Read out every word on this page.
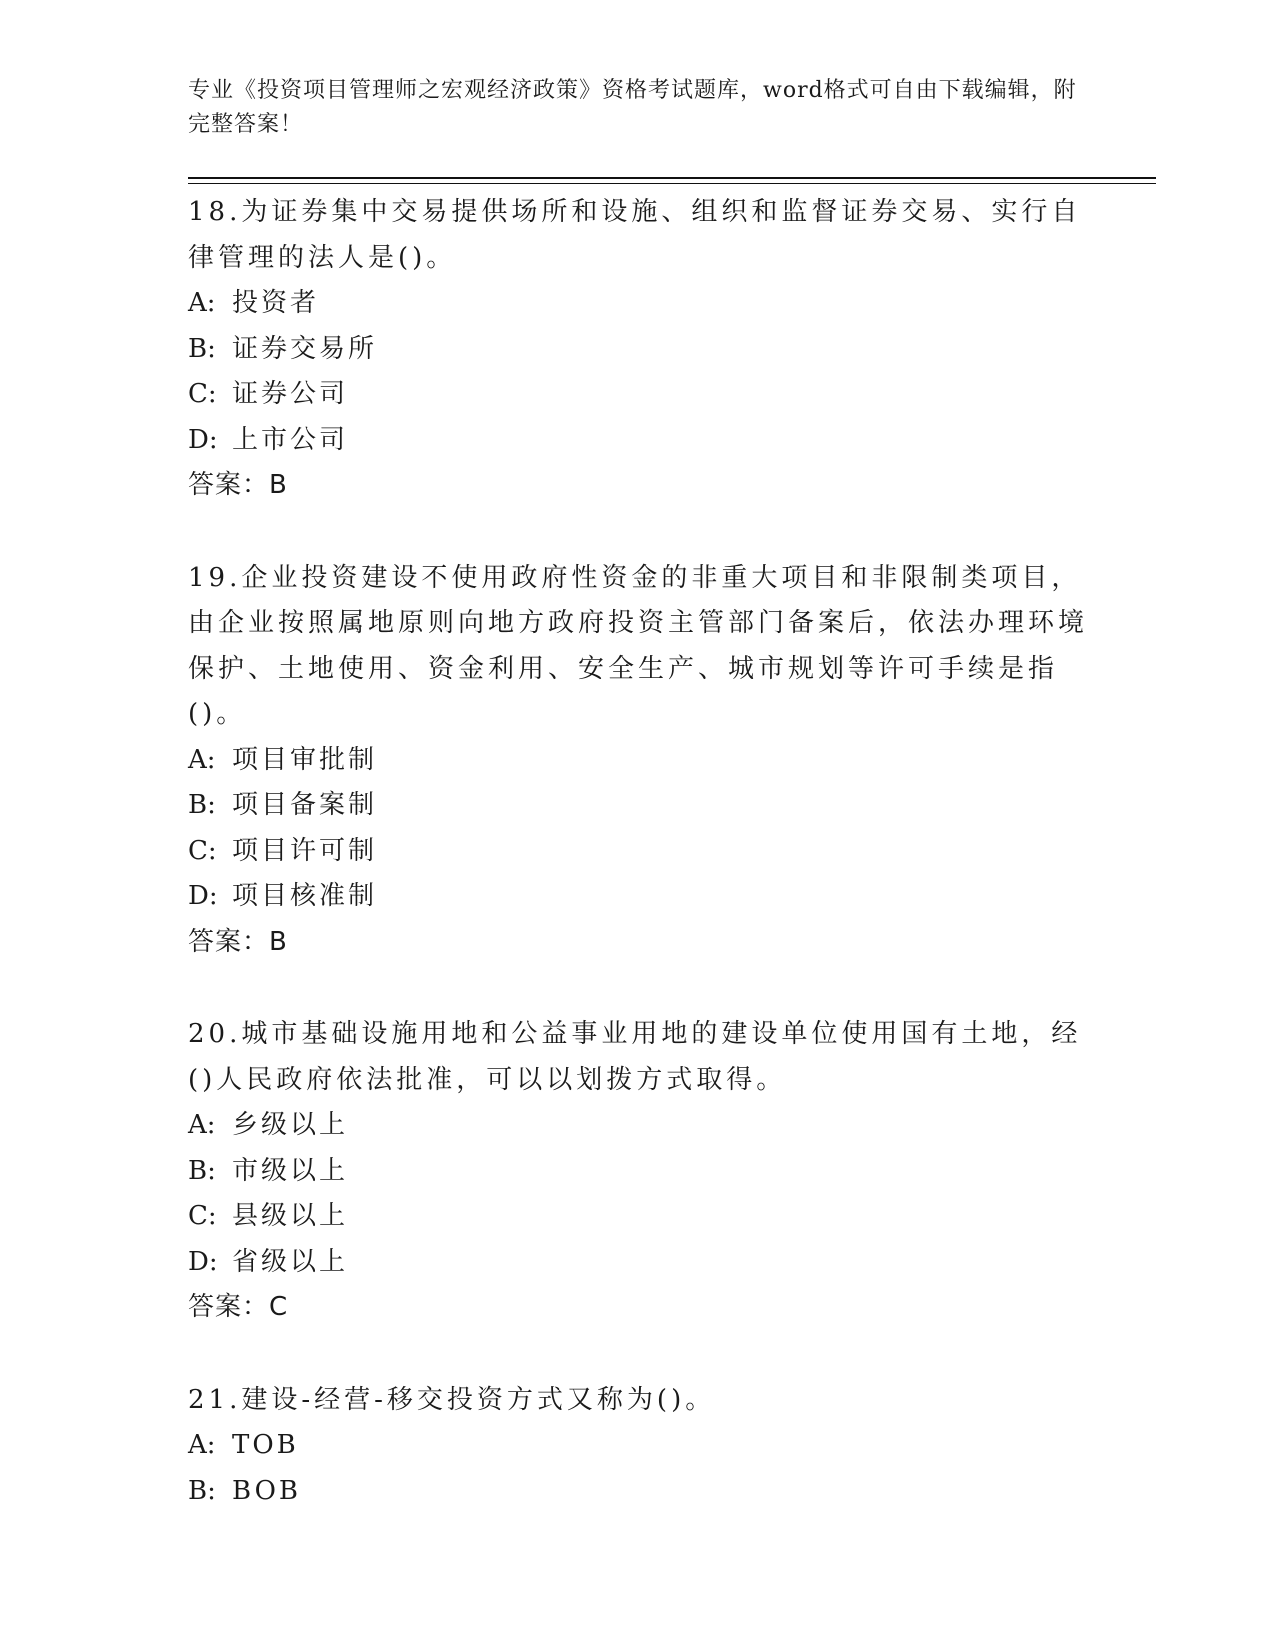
专业《投资项目管理师之宏观经济政策》资格考试题库，word格式可自由下载编辑，附完整答案！
18.为证券集中交易提供场所和设施、组织和监督证券交易、实行自律管理的法人是()。
A: 投资者
B: 证券交易所
C: 证券公司
D: 上市公司
答案：B
19.企业投资建设不使用政府性资金的非重大项目和非限制类项目，由企业按照属地原则向地方政府投资主管部门备案后，依法办理环境保护、土地使用、资金利用、安全生产、城市规划等许可手续是指()。
A: 项目审批制
B: 项目备案制
C: 项目许可制
D: 项目核准制
答案：B
20.城市基础设施用地和公益事业用地的建设单位使用国有土地，经()人民政府依法批准，可以以划拨方式取得。
A: 乡级以上
B: 市级以上
C: 县级以上
D: 省级以上
答案：C
21.建设-经营-移交投资方式又称为()。
A: TOB
B: BOB
